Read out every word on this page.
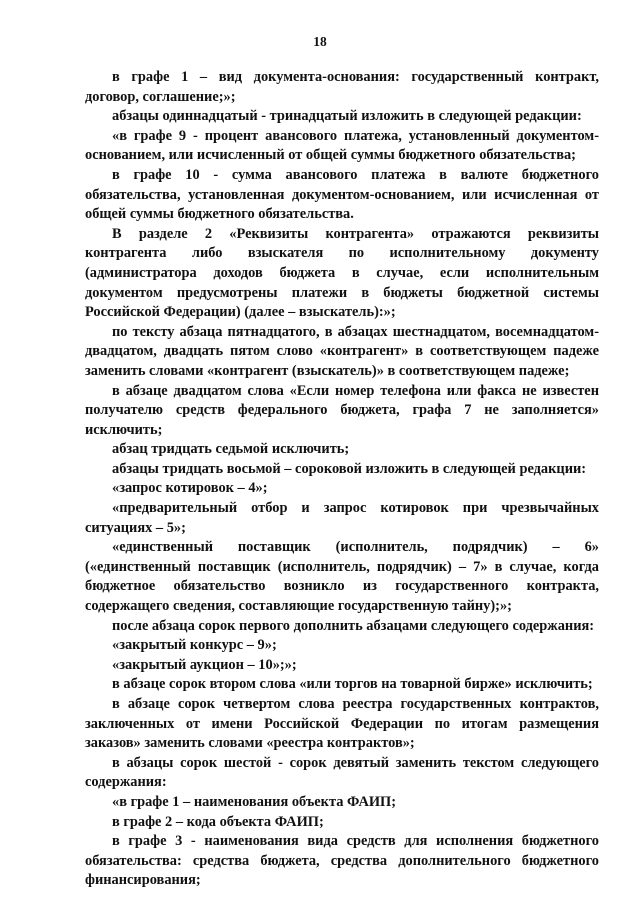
18

в графе 1 – вид документа-основания: государственный контракт, договор, соглашение;»;

абзацы одиннадцатый - тринадцатый изложить в следующей редакции:

«в графе 9 - процент авансового платежа, установленный документом-основанием, или исчисленный от общей суммы бюджетного обязательства;

в графе 10 - сумма авансового платежа в валюте бюджетного обязательства, установленная документом-основанием, или исчисленная от общей суммы бюджетного обязательства.

В разделе 2 «Реквизиты контрагента» отражаются реквизиты контрагента либо взыскателя по исполнительному документу (администратора доходов бюджета в случае, если исполнительным документом предусмотрены платежи в бюджеты бюджетной системы Российской Федерации) (далее – взыскатель):»;

по тексту абзаца пятнадцатого, в абзацах шестнадцатом, восемнадцатом-двадцатом, двадцать пятом слово «контрагент» в соответствующем падеже заменить словами «контрагент (взыскатель)» в соответствующем падеже;

в абзаце двадцатом слова «Если номер телефона или факса не известен получателю средств федерального бюджета, графа 7 не заполняется» исключить;

абзац тридцать седьмой исключить;

абзацы тридцать восьмой – сороковой изложить в следующей редакции:

«запрос котировок – 4»;

«предварительный отбор и запрос котировок при чрезвычайных ситуациях – 5»;

«единственный поставщик (исполнитель, подрядчик) – 6» («единственный поставщик (исполнитель, подрядчик) – 7» в случае, когда бюджетное обязательство возникло из государственного контракта, содержащего сведения, составляющие государственную тайну);»;

после абзаца сорок первого дополнить абзацами следующего содержания:

«закрытый конкурс – 9»;

«закрытый аукцион – 10»;»;

в абзаце сорок втором слова «или торгов на товарной бирже» исключить;

в абзаце сорок четвертом слова реестра государственных контрактов, заключенных от имени Российской Федерации по итогам размещения заказов» заменить словами «реестра контрактов»;

в абзацы сорок шестой - сорок девятый заменить текстом следующего содержания:

«в графе 1 – наименования объекта ФАИП;

в графе 2 – кода объекта ФАИП;

в графе 3 - наименования вида средств для исполнения бюджетного обязательства: средства бюджета, средства дополнительного бюджетного финансирования;
